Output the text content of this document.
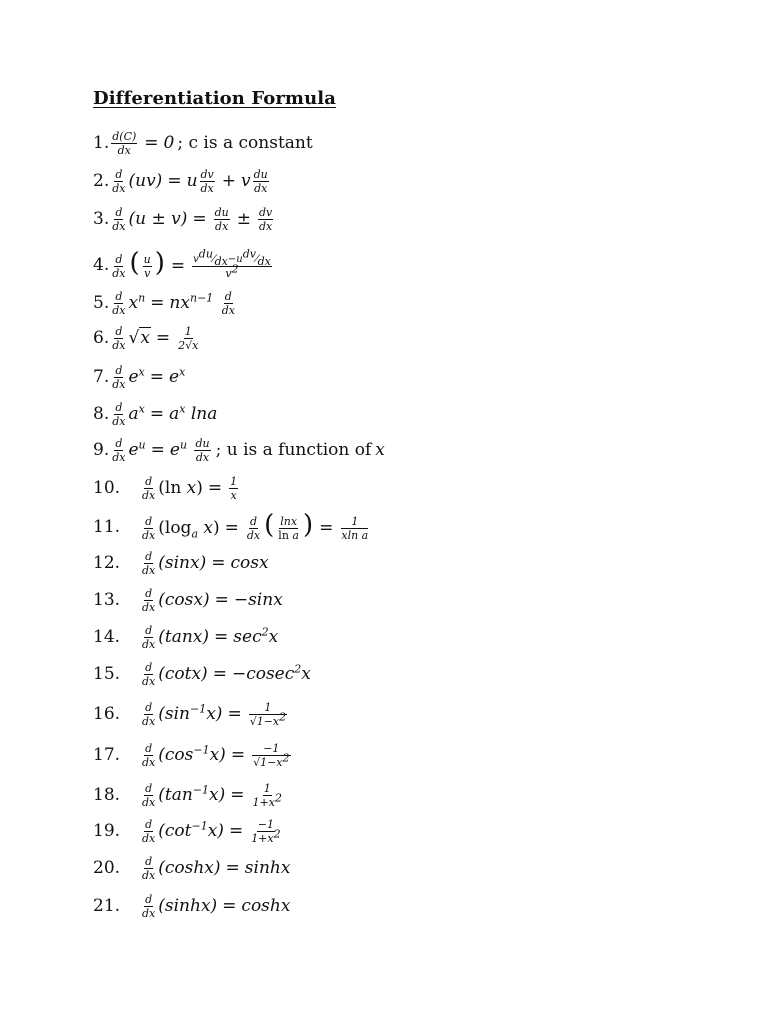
Differentiation Formula
1. $\frac{d(C)}{dx} = 0$ ; c is a constant
2. $\frac{d}{dx} (uv) = u \frac{dv}{dx} + v \frac{du}{dx}$
3. $\frac{d}{dx} (u \pm v) = \frac{du}{dx} \pm \frac{dv}{dx}$
4. $\frac{d}{dx}$ ( $\frac{u}{v}$ ) = $\frac{v^{du}⁄_{dx}-u^{dv}⁄_{dx}}{v^2}$
5. $\frac{d}{dx} x^n = nx^{n-1} \frac{d}{dx}$
6. $\frac{d}{dx}$ √ $x = \frac{1}{2√x}$
7. $\frac{d}{dx} e^x = e^x$
8. $\frac{d}{dx} a^x = a^x$ lna
9. $\frac{d}{dx} e^u = e^u \frac{du}{dx}$ ; u is a function of x
10.	$\frac{d}{dx} (\ln$ $x) = \frac{1}{x}$
11.	$\frac{d}{dx} (\log_a$ $x) = \frac{d}{dx}$ ( $\frac{\ln x}{\text{ln a}}$ ) = $\frac{1}{\text{xln a}}$
12.	$\frac{d}{dx} (\sin x) = \cos x$
13.	$\frac{d}{dx} (\cos x) = -\sin x$
14.	$\frac{d}{dx} (\tan x) = \sec^2x$
15.	$\frac{d}{dx} (\cot x) = -cosec^2x$
16.	$\frac{d}{dx} (\sin^{-1}x) = \frac{1}{√1-x^2}$
17.	$\frac{d}{dx} (\cos^{-1}x) = \frac{-1}{√1-x^2}$
18.	$\frac{d}{dx} (\tan^{-1}x) = \frac{1}{1+x^2}$
19.	$\frac{d}{dx} (\cot^{-1}x) = \frac{-1}{1+x^2}$
20.	$\frac{d}{dx} (\cosh x) = \sinh x$
21.	$\frac{d}{dx} (\sinh x) = \cosh x$
